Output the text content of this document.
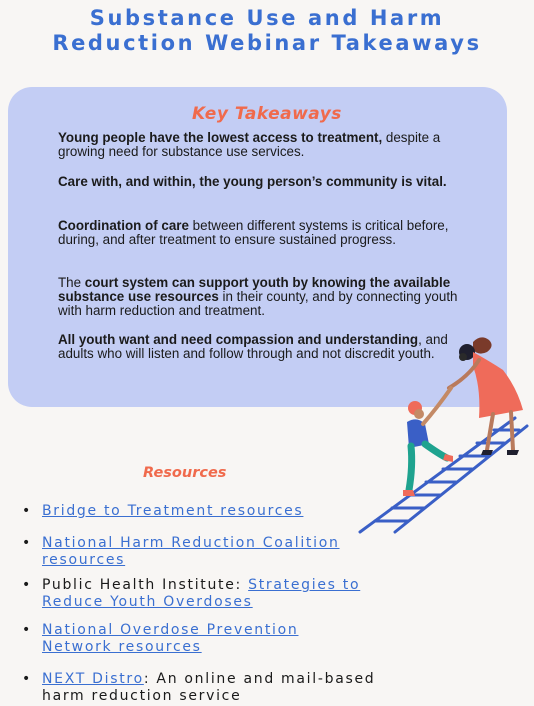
Substance Use and Harm
Reduction Webinar Takeaways
Key Takeaways
Young people have the lowest access to treatment, despite a growing need for substance use services.
Care with, and within, the young person’s community is vital.
Coordination of care between different systems is critical before, during, and after treatment to ensure sustained progress.
The court system can support youth by knowing the available substance use resources in their county, and by connecting youth with harm reduction and treatment.
All youth want and need compassion and understanding, and adults who will listen and follow through and not discredit youth.
Resources
• Bridge to Treatment resources
• National Harm Reduction Coalition resources
• Public Health Institute: Strategies to Reduce Youth Overdoses
• National Overdose Prevention Network resources
• NEXT Distro: An online and mail-based harm reduction service
